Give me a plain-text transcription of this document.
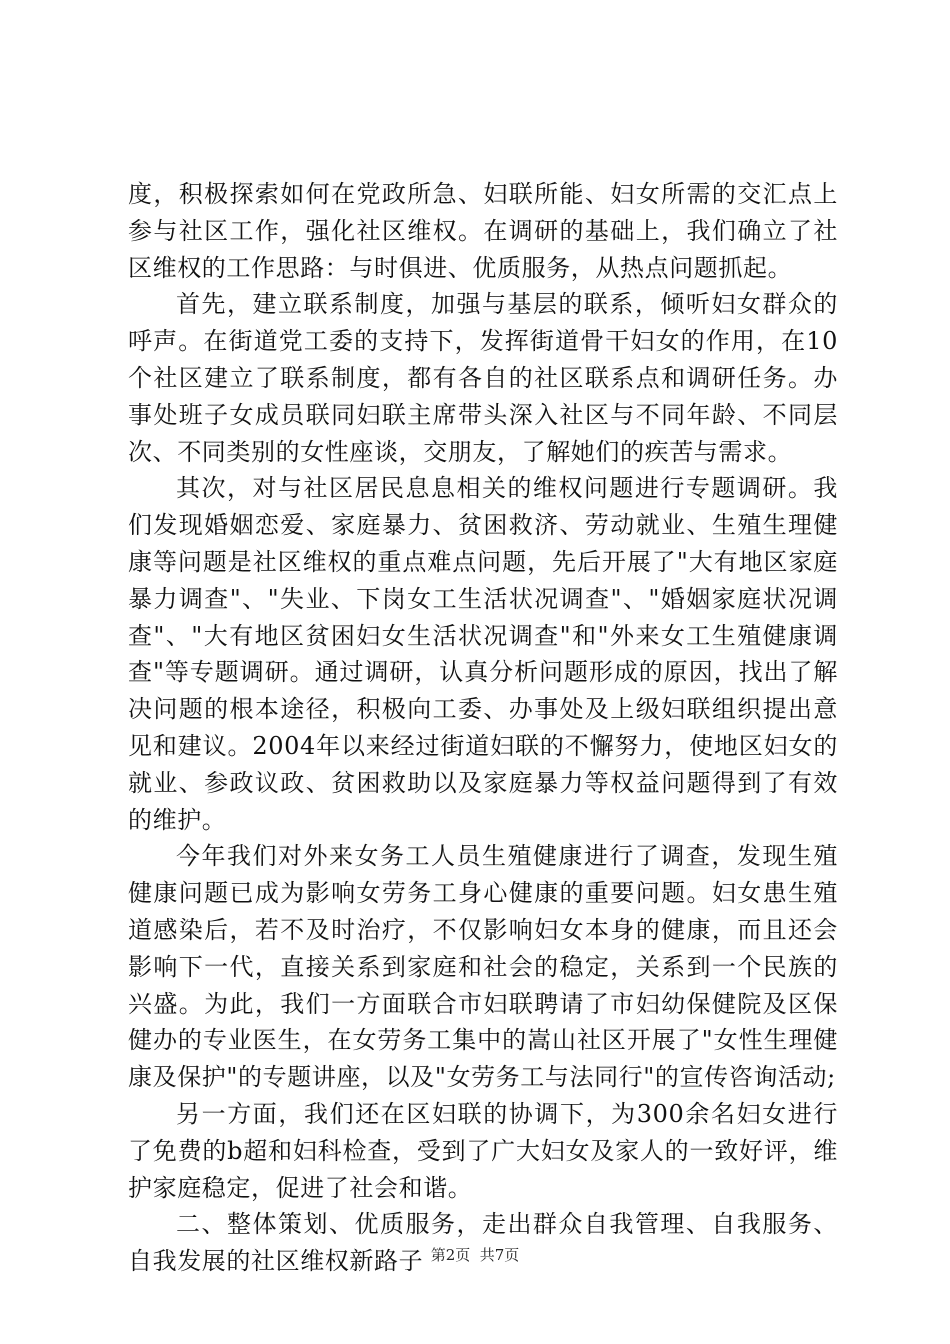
度，积极探索如何在党政所急、妇联所能、妇女所需的交汇点上参与社区工作，强化社区维权。在调研的基础上，我们确立了社区维权的工作思路：与时俱进、优质服务，从热点问题抓起。

首先，建立联系制度，加强与基层的联系，倾听妇女群众的呼声。在街道党工委的支持下，发挥街道骨干妇女的作用，在10个社区建立了联系制度，都有各自的社区联系点和调研任务。办事处班子女成员联同妇联主席带头深入社区与不同年龄、不同层次、不同类别的女性座谈，交朋友，了解她们的疾苦与需求。

其次，对与社区居民息息相关的维权问题进行专题调研。我们发现婚姻恋爱、家庭暴力、贫困救济、劳动就业、生殖生理健康等问题是社区维权的重点难点问题，先后开展了"大有地区家庭暴力调查"、"失业、下岗女工生活状况调查"、"婚姻家庭状况调查"、"大有地区贫困妇女生活状况调查"和"外来女工生殖健康调查"等专题调研。通过调研，认真分析问题形成的原因，找出了解决问题的根本途径，积极向工委、办事处及上级妇联组织提出意见和建议。2004年以来经过街道妇联的不懈努力，使地区妇女的就业、参政议政、贫困救助以及家庭暴力等权益问题得到了有效的维护。

今年我们对外来女务工人员生殖健康进行了调查，发现生殖健康问题已成为影响女劳务工身心健康的重要问题。妇女患生殖道感染后，若不及时治疗，不仅影响妇女本身的健康，而且还会影响下一代，直接关系到家庭和社会的稳定，关系到一个民族的兴盛。为此，我们一方面联合市妇联聘请了市妇幼保健院及区保健办的专业医生，在女劳务工集中的嵩山社区开展了"女性生理健康及保护"的专题讲座，以及"女劳务工与法同行"的宣传咨询活动;

另一方面，我们还在区妇联的协调下，为300余名妇女进行了免费的b超和妇科检查，受到了广大妇女及家人的一致好评，维护家庭稳定，促进了社会和谐。

二、整体策划、优质服务，走出群众自我管理、自我服务、自我发展的社区维权新路子 第2页  共7页
